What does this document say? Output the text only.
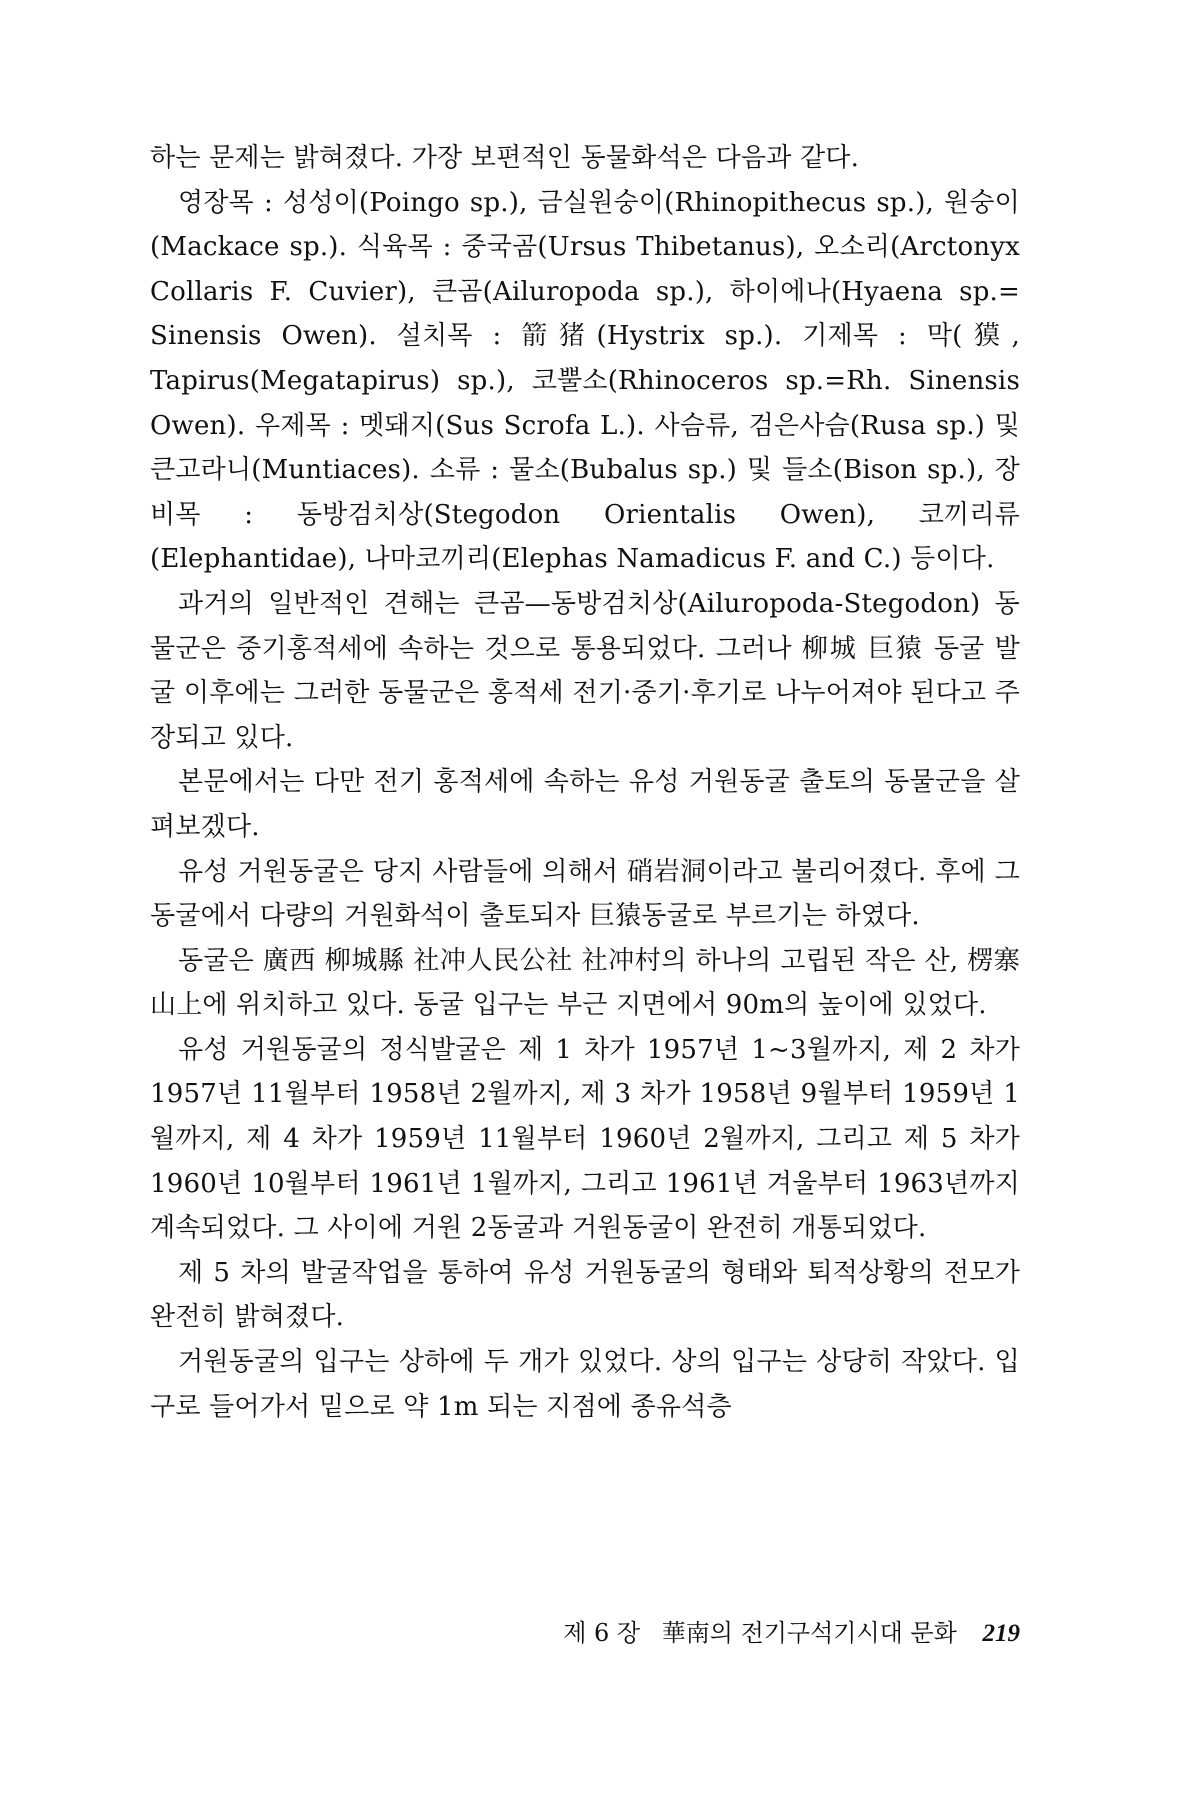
하는 문제는 밝혀졌다. 가장 보편적인 동물화석은 다음과 같다.

영장목 : 성성이(Poingo sp.), 금실원숭이(Rhinopithecus sp.), 원숭이(Mackace sp.). 식육목 : 중국곰(Ursus Thibetanus), 오소리(Arctonyx Collaris F. Cuvier), 큰곰(Ailuropoda sp.), 하이에나(Hyaena sp.= Sinensis Owen). 설치목 : 箭猪(Hystrix sp.). 기제목 : 막(獏, Tapirus(Megatapirus) sp.), 코뿔소(Rhinoceros sp.=Rh. Sinensis Owen). 우제목 : 멧돼지(Sus Scrofa L.). 사슴류, 검은사슴(Rusa sp.) 및 큰고라니(Muntiaces). 소류 : 물소(Bubalus sp.) 및 들소(Bison sp.), 장비목 : 동방검치상(Stegodon Orientalis Owen), 코끼리류(Elephantidae), 나마코끼리(Elephas Namadicus F. and C.) 등이다.

과거의 일반적인 견해는 큰곰—동방검치상(Ailuropoda-Stegodon) 동물군은 중기홍적세에 속하는 것으로 통용되었다. 그러나 柳城 巨猿 동굴 발굴 이후에는 그러한 동물군은 홍적세 전기·중기·후기로 나누어져야 된다고 주장되고 있다.

본문에서는 다만 전기 홍적세에 속하는 유성 거원동굴 출토의 동물군을 살펴보겠다.

유성 거원동굴은 당지 사람들에 의해서 硝岩洞이라고 불리어졌다. 후에 그 동굴에서 다량의 거원화석이 출토되자 巨猿동굴로 부르기는 하였다.

동굴은 廣西 柳城縣 社冲人民公社 社冲村의 하나의 고립된 작은 산, 楞寨山上에 위치하고 있다. 동굴 입구는 부근 지면에서 90m의 높이에 있었다.

유성 거원동굴의 정식발굴은 제 1 차가 1957년 1~3월까지, 제 2 차가 1957년 11월부터 1958년 2월까지, 제 3 차가 1958년 9월부터 1959년 1월까지, 제 4 차가 1959년 11월부터 1960년 2월까지, 그리고 제 5 차가 1960년 10월부터 1961년 1월까지, 그리고 1961년 겨울부터 1963년까지 계속되었다. 그 사이에 거원 2동굴과 거원동굴이 완전히 개통되었다.

제 5 차의 발굴작업을 통하여 유성 거원동굴의 형태와 퇴적상황의 전모가 완전히 밝혀졌다.

거원동굴의 입구는 상하에 두 개가 있었다. 상의 입구는 상당히 작았다. 입구로 들어가서 밑으로 약 1m 되는 지점에 종유석층

제 6 장 華南의 전기구석기시대 문화 219
